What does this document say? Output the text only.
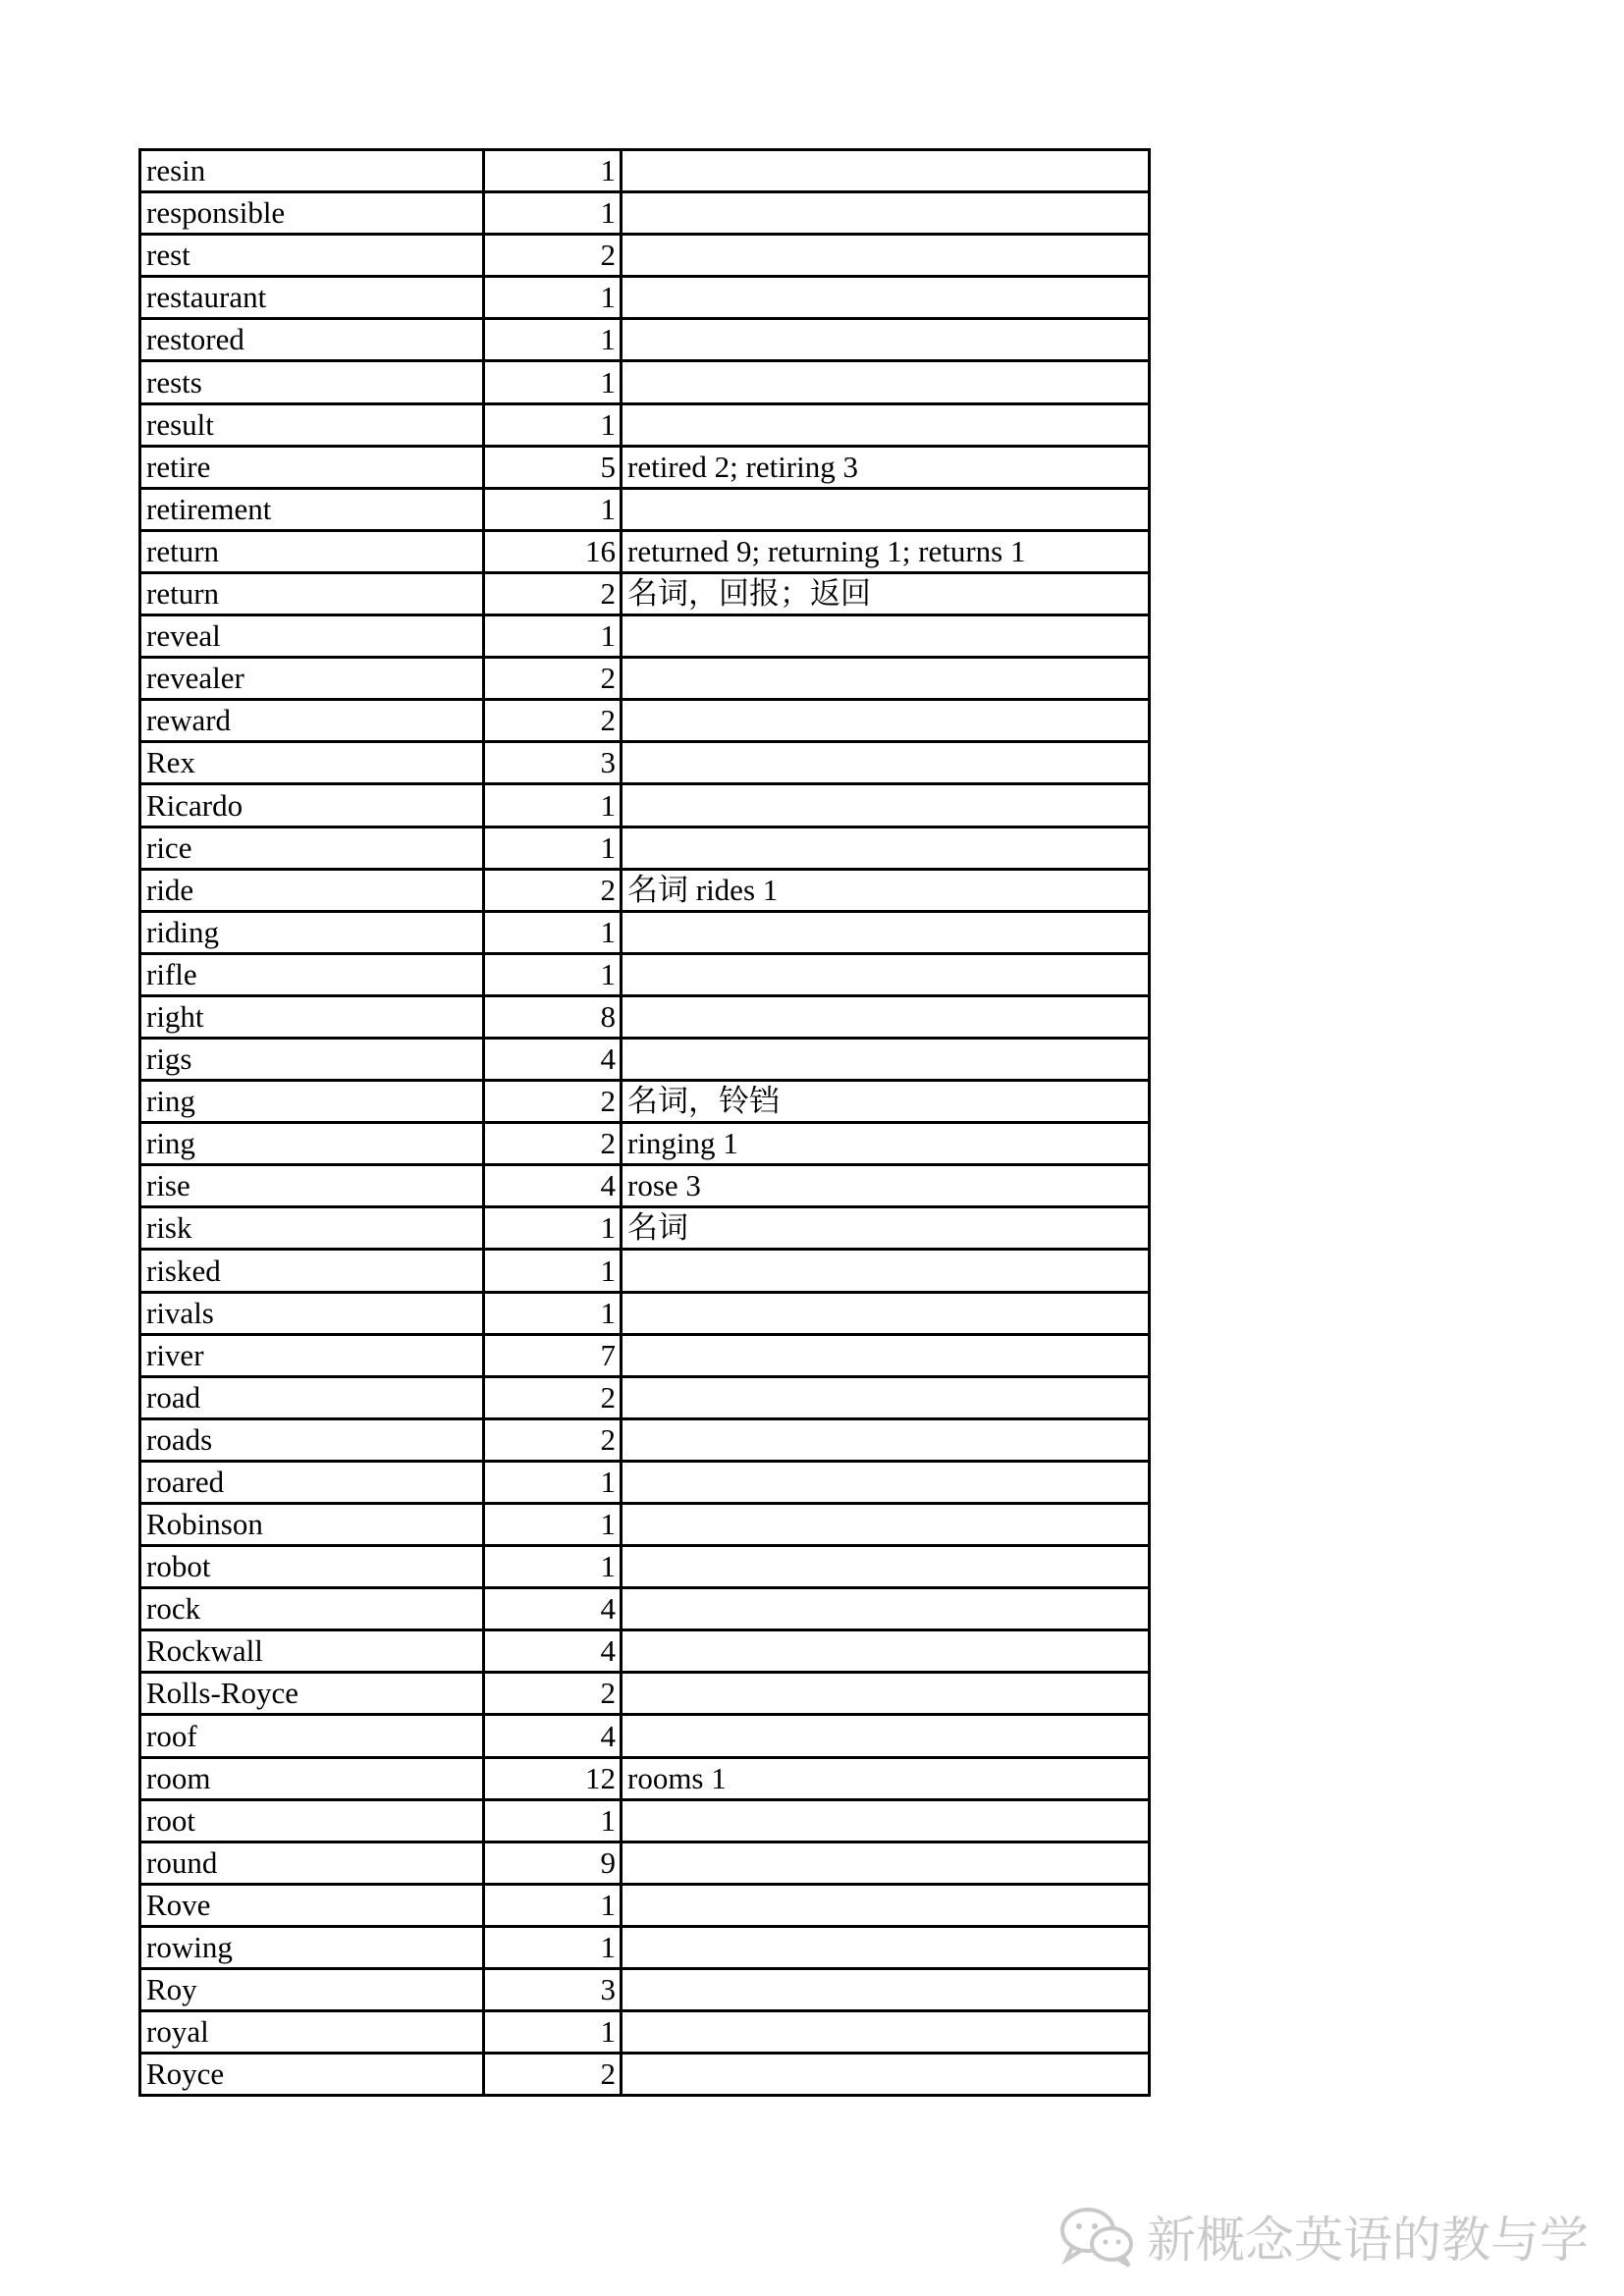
resin	1	
responsible	1	
rest	2	
restaurant	1	
restored	1	
rests	1	
result	1	
retire	5	retired 2; retiring 3
retirement	1	
return	16	returned 9; returning 1; returns 1
return	2	名词，回报；返回
reveal	1	
revealer	2	
reward	2	
Rex	3	
Ricardo	1	
rice	1	
ride	2	名词 rides 1
riding	1	
rifle	1	
right	8	
rigs	4	
ring	2	名词，铃铛
ring	2	ringing 1
rise	4	rose 3
risk	1	名词
risked	1	
rivals	1	
river	7	
road	2	
roads	2	
roared	1	
Robinson	1	
robot	1	
rock	4	
Rockwall	4	
Rolls-Royce	2	
roof	4	
room	12	rooms 1
root	1	
round	9	
Rove	1	
rowing	1	
Roy	3	
royal	1	
Royce	2	
新概念英语的教与学
